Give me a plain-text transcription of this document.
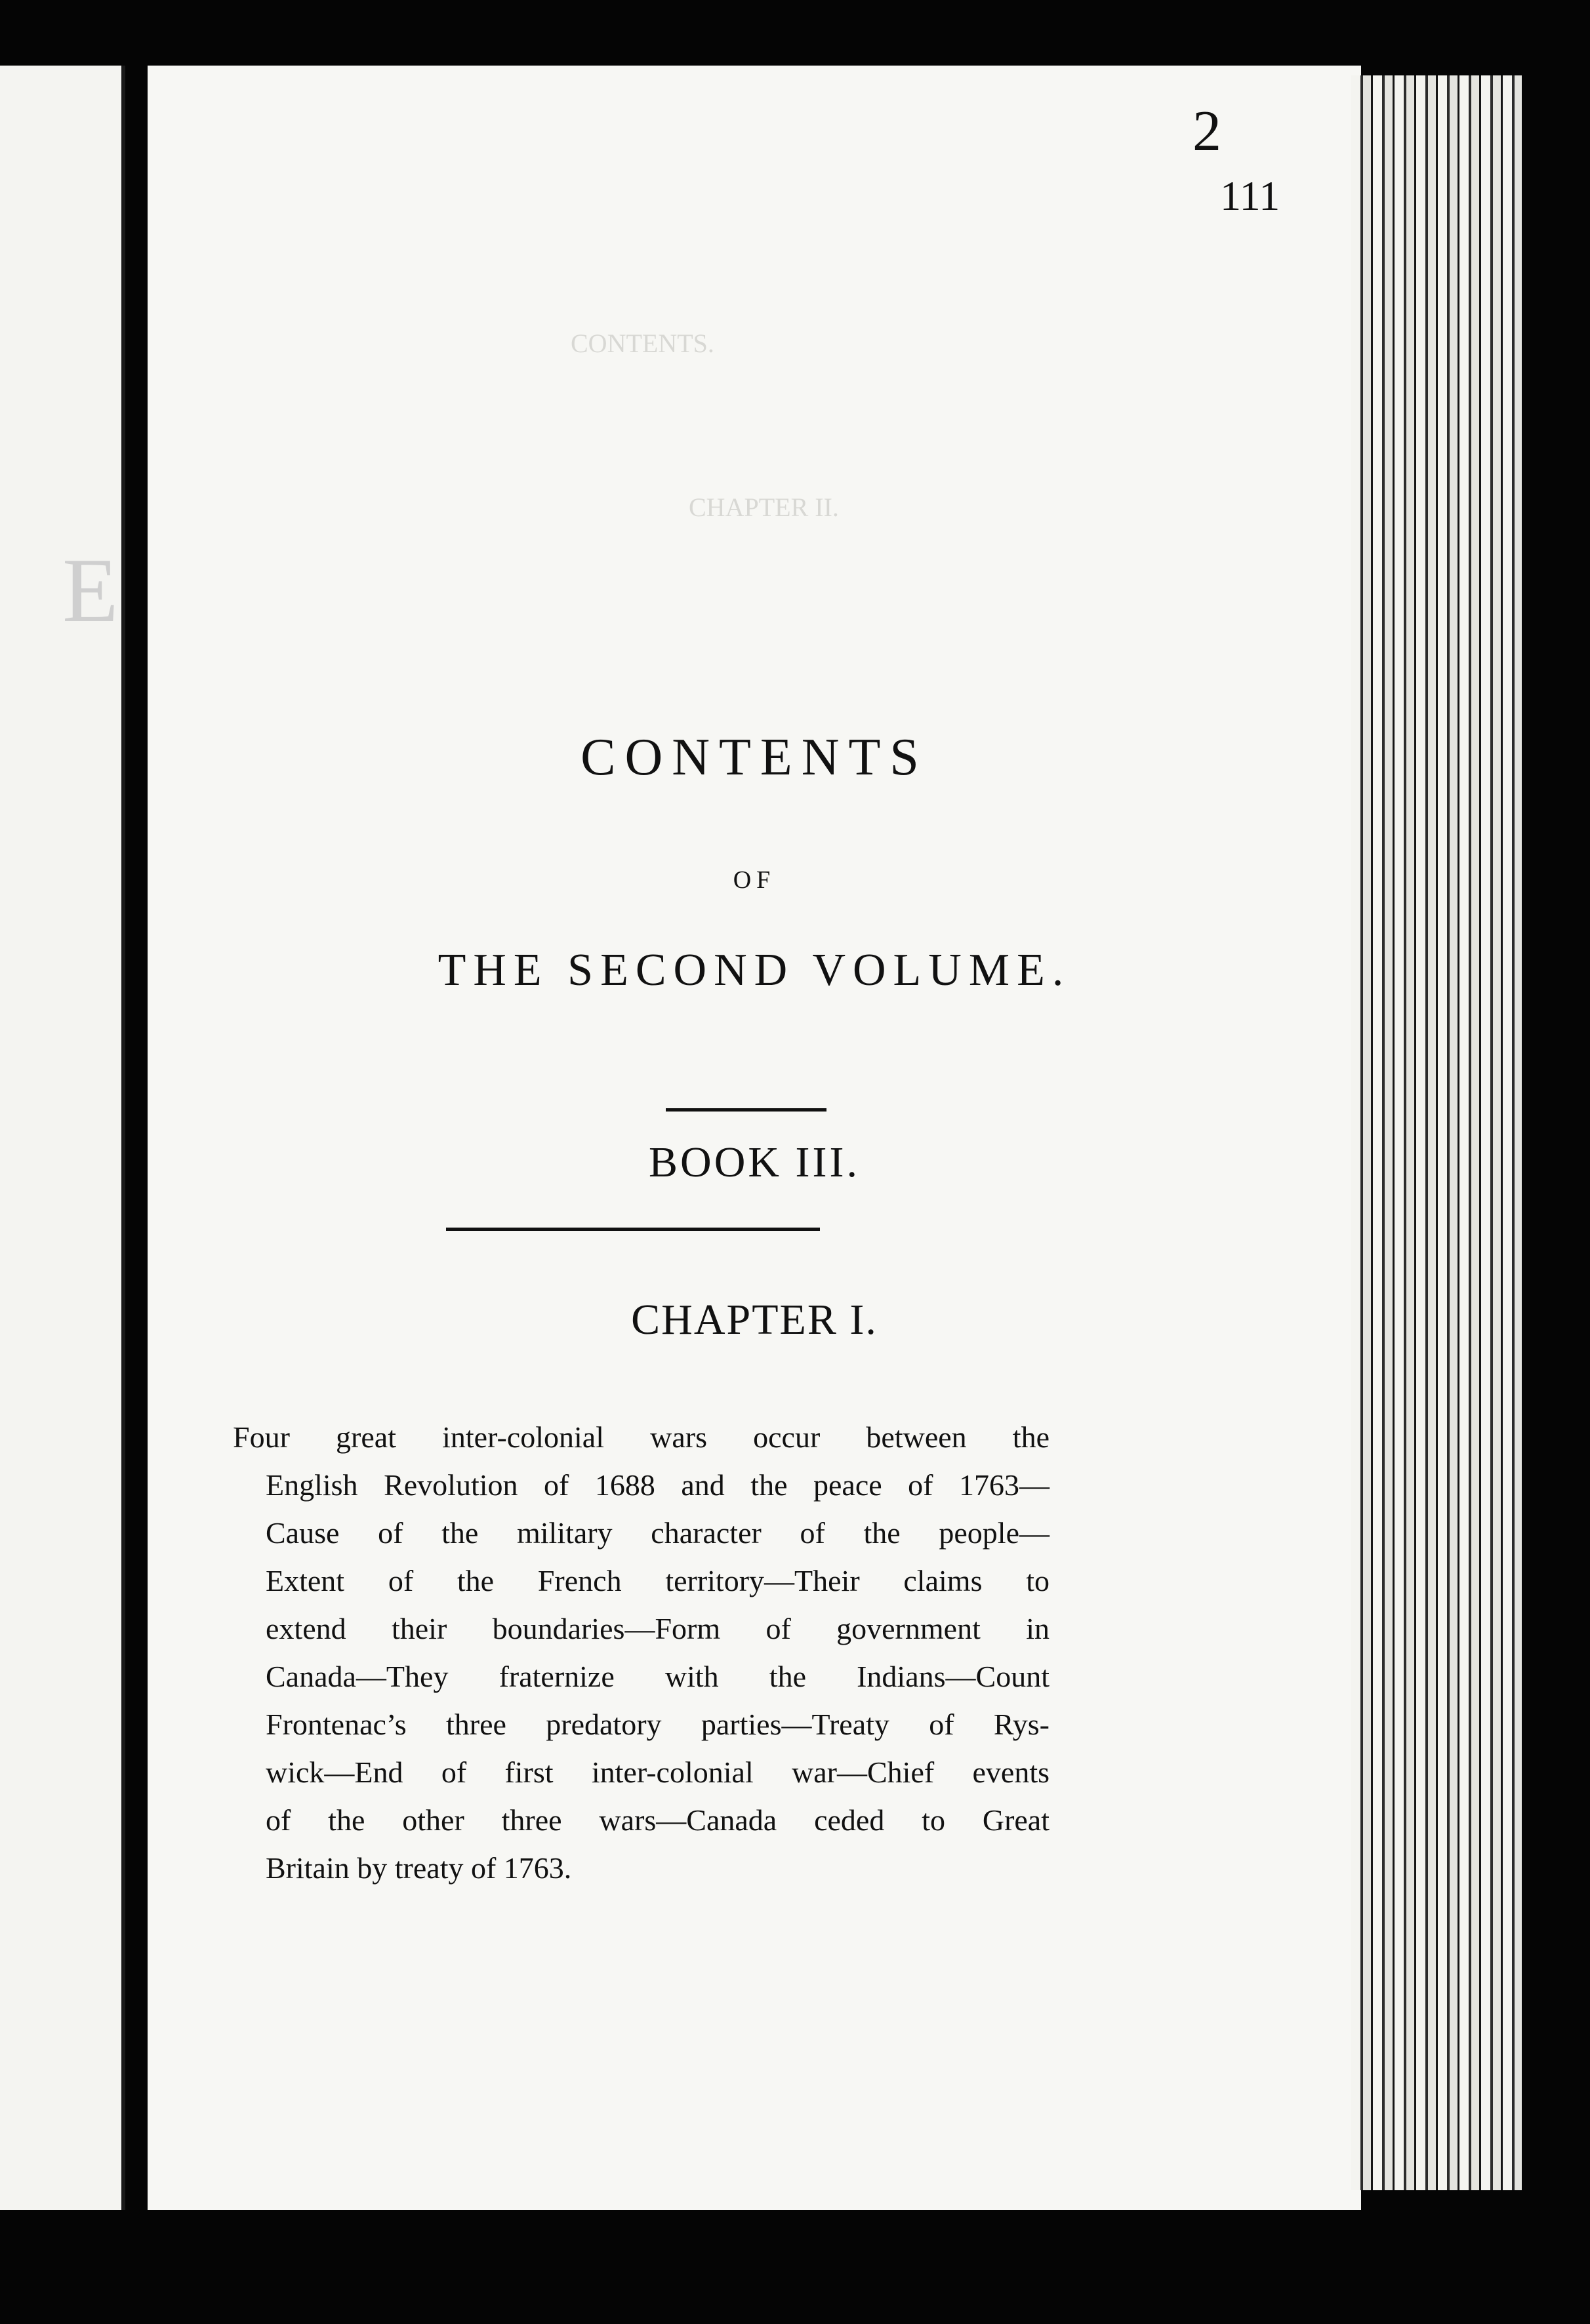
E
CONTENTS.
CHAPTER II.
2
111
CONTENTS
OF
THE SECOND VOLUME.
BOOK III.
CHAPTER I.
Four great inter-colonial wars occur between the
English Revolution of 1688 and the peace of 1763—
Cause of the military character of the people—
Extent of the French territory—Their claims to
extend their boundaries—Form of government in
Canada—They fraternize with the Indians—Count
Frontenac’s three predatory parties—Treaty of Rys-
wick—End of first inter-colonial war—Chief events
of the other three wars—Canada ceded to Great
Britain by treaty of 1763.
